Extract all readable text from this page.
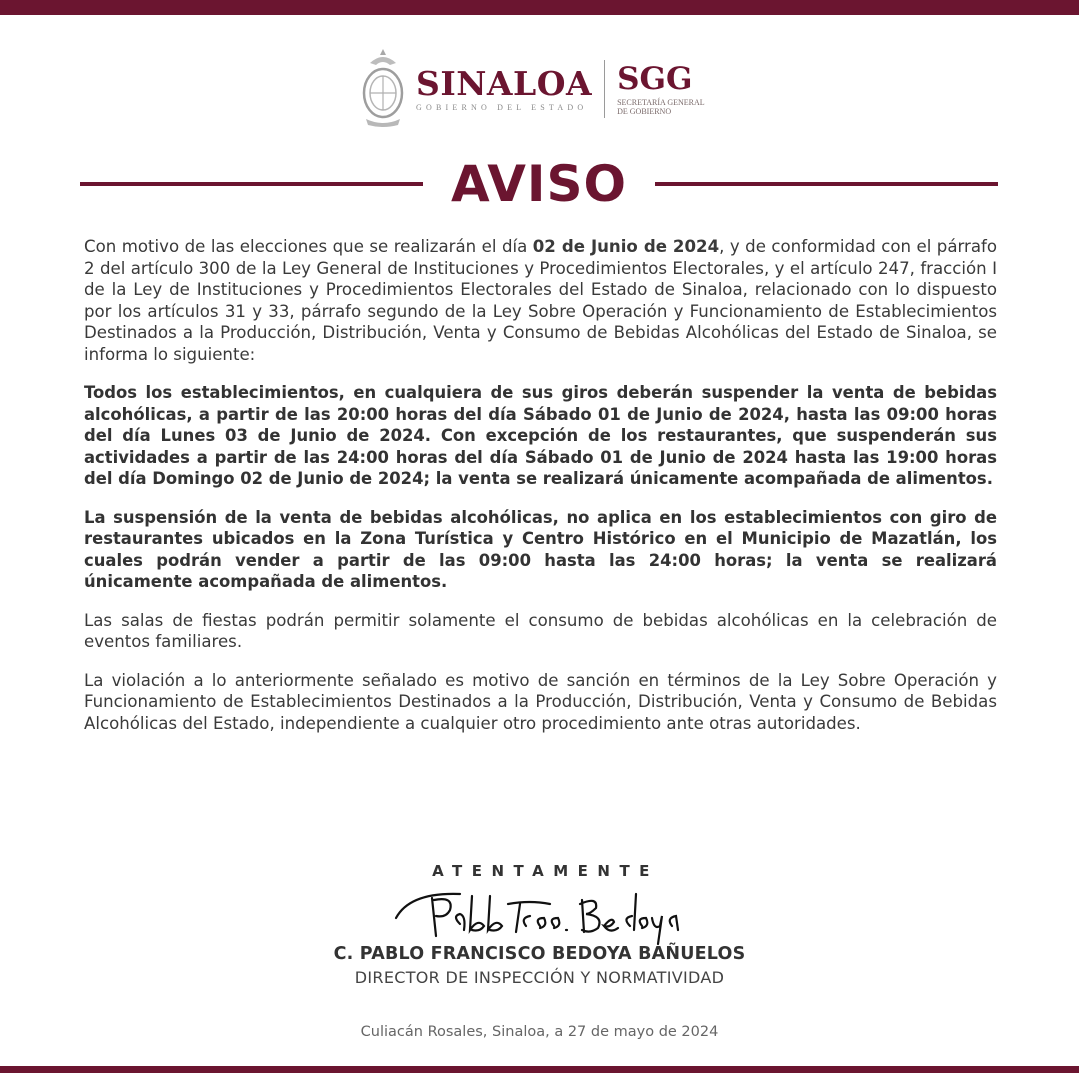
SINALOA
GOBIERNO DEL ESTADO
SGG
SECRETARÍA GENERAL
DE GOBIERNO
AVISO

Con motivo de las elecciones que se realizarán el día 02 de Junio de 2024, y de conformidad con el párrafo 2 del artículo 300 de la Ley General de Instituciones y Procedimientos Electorales, y el artículo 247, fracción I de la Ley de Instituciones y Procedimientos Electorales del Estado de Sinaloa, relacionado con lo dispuesto por los artículos 31 y 33, párrafo segundo de la Ley Sobre Operación y Funcionamiento de Establecimientos Destinados a la Producción, Distribución, Venta y Consumo de Bebidas Alcohólicas del Estado de Sinaloa, se informa lo siguiente:

Todos los establecimientos, en cualquiera de sus giros deberán suspender la venta de bebidas alcohólicas, a partir de las 20:00 horas del día Sábado 01 de Junio de 2024, hasta las 09:00 horas del día Lunes 03 de Junio de 2024. Con excepción de los restaurantes, que suspenderán sus actividades a partir de las 24:00 horas del día Sábado 01 de Junio de 2024 hasta las 19:00 horas del día Domingo 02 de Junio de 2024; la venta se realizará únicamente acompañada de alimentos.

La suspensión de la venta de bebidas alcohólicas, no aplica en los establecimientos con giro de restaurantes ubicados en la Zona Turística y Centro Histórico en el Municipio de Mazatlán, los cuales podrán vender a partir de las 09:00 hasta las 24:00 horas; la venta se realizará únicamente acompañada de alimentos.

Las salas de fiestas podrán permitir solamente el consumo de bebidas alcohólicas en la celebración de eventos familiares.

La violación a lo anteriormente señalado es motivo de sanción en términos de la Ley Sobre Operación y Funcionamiento de Establecimientos Destinados a la Producción, Distribución, Venta y Consumo de Bebidas Alcohólicas del Estado, independiente a cualquier otro procedimiento ante otras autoridades.

ATENTAMENTE
C. PABLO FRANCISCO BEDOYA BAÑUELOS
DIRECTOR DE INSPECCIÓN Y NORMATIVIDAD
Culiacán Rosales, Sinaloa, a 27 de mayo de 2024
